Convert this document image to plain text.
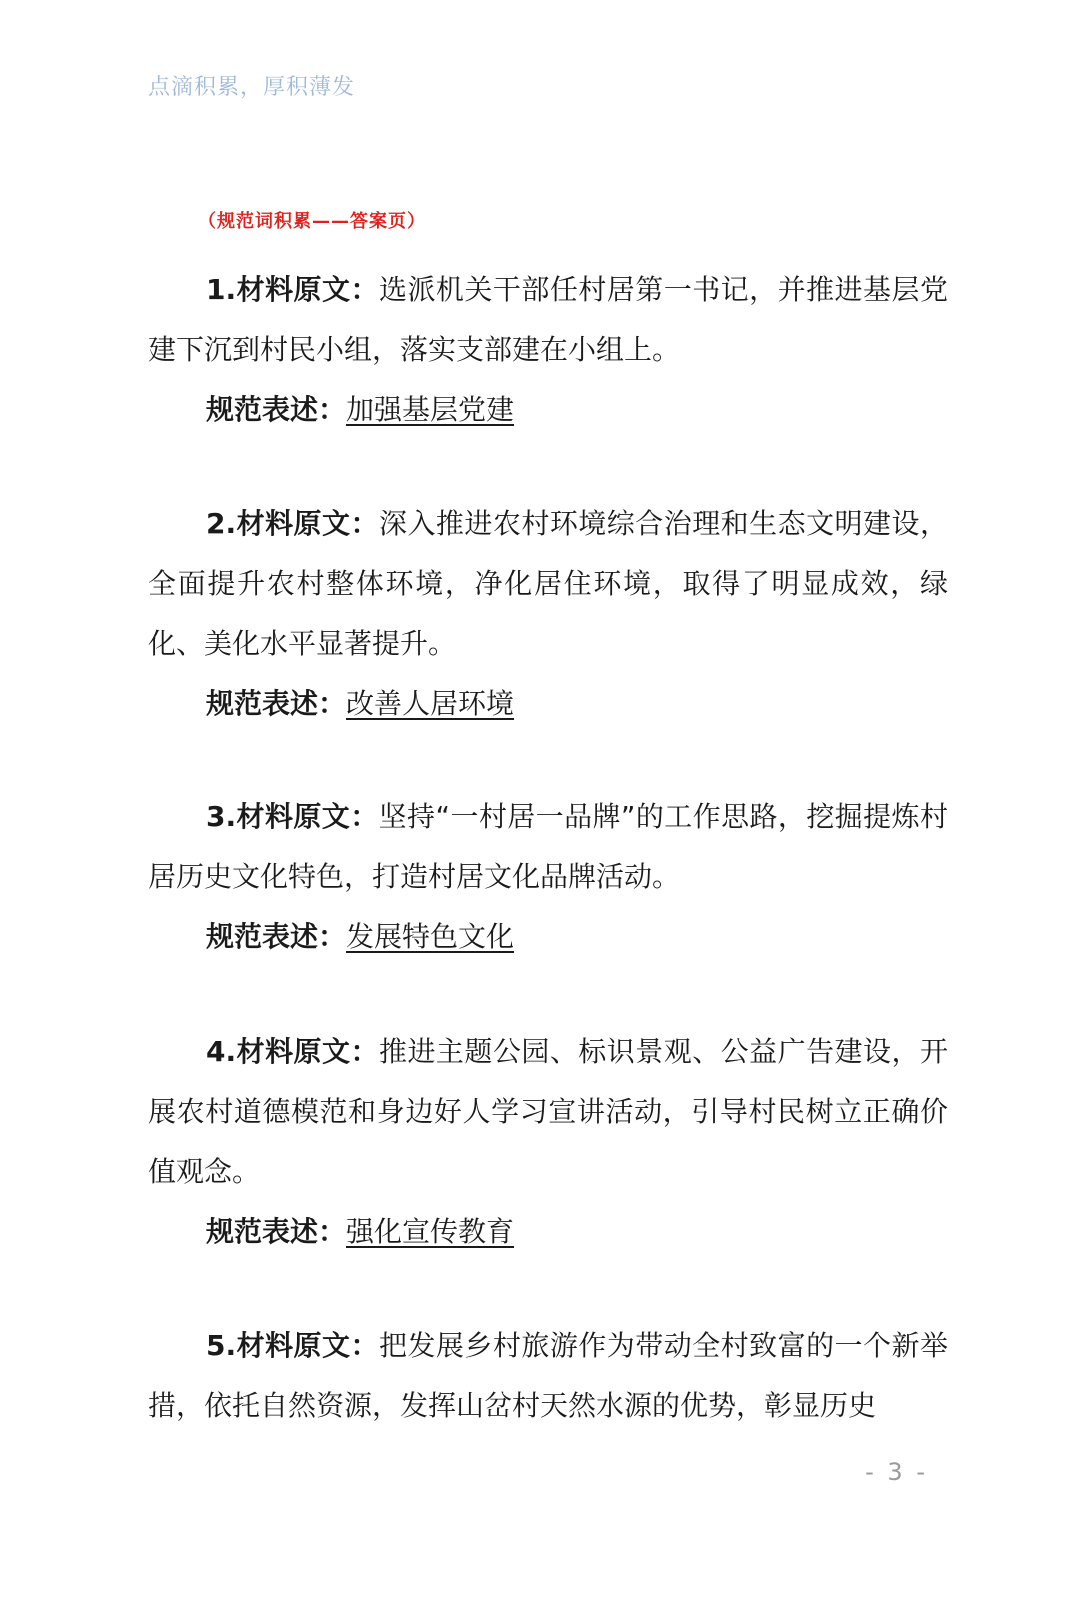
点滴积累，厚积薄发
（规范词积累——答案页）

1.材料原文：选派机关干部任村居第一书记，并推进基层党建下沉到村民小组，落实支部建在小组上。

规范表述：加强基层党建

2.材料原文：深入推进农村环境综合治理和生态文明建设，全面提升农村整体环境，净化居住环境，取得了明显成效，绿化、美化水平显著提升。

规范表述：改善人居环境

3.材料原文：坚持“一村居一品牌”的工作思路，挖掘提炼村居历史文化特色，打造村居文化品牌活动。

规范表述：发展特色文化

4.材料原文：推进主题公园、标识景观、公益广告建设，开展农村道德模范和身边好人学习宣讲活动，引导村民树立正确价值观念。

规范表述：强化宣传教育

5.材料原文：把发展乡村旅游作为带动全村致富的一个新举措，依托自然资源，发挥山岔村天然水源的优势，彰显历史

- 3 -
